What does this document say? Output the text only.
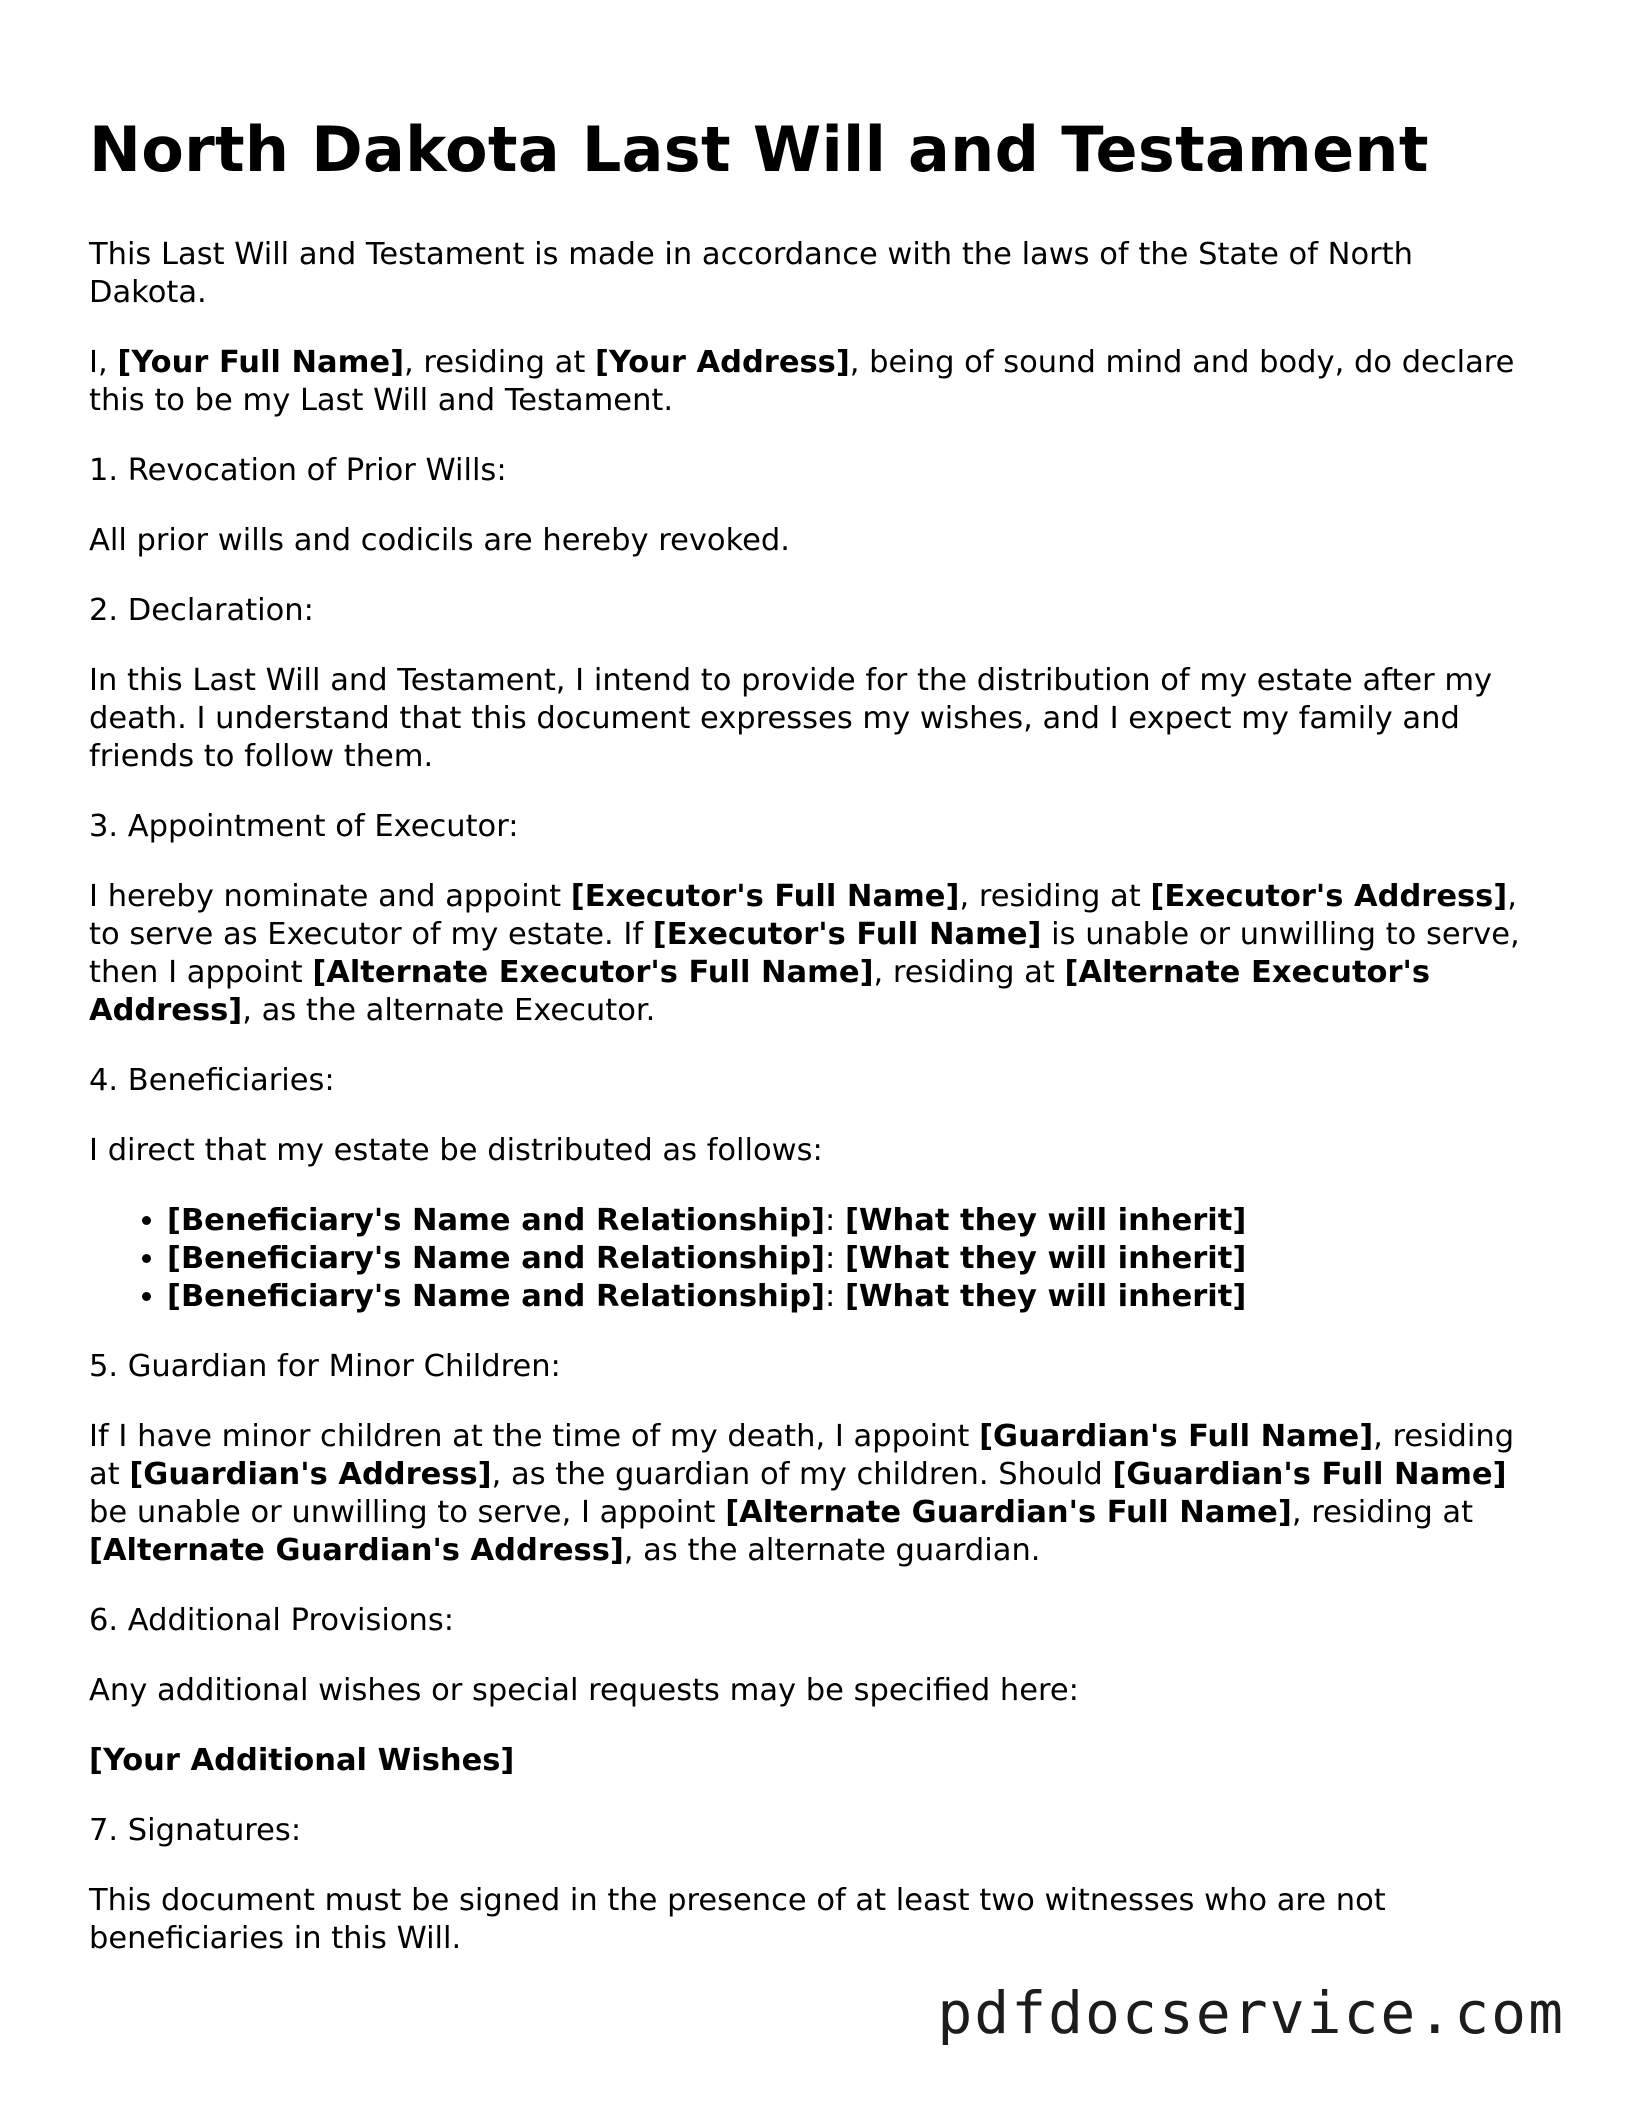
North Dakota Last Will and Testament

This Last Will and Testament is made in accordance with the laws of the State of North Dakota.

I, [Your Full Name], residing at [Your Address], being of sound mind and body, do declare this to be my Last Will and Testament.

1. Revocation of Prior Wills:

All prior wills and codicils are hereby revoked.

2. Declaration:

In this Last Will and Testament, I intend to provide for the distribution of my estate after my death. I understand that this document expresses my wishes, and I expect my family and friends to follow them.

3. Appointment of Executor:

I hereby nominate and appoint [Executor's Full Name], residing at [Executor's Address], to serve as Executor of my estate. If [Executor's Full Name] is unable or unwilling to serve, then I appoint [Alternate Executor's Full Name], residing at [Alternate Executor's Address], as the alternate Executor.

4. Beneficiaries:

I direct that my estate be distributed as follows:

• [Beneficiary's Name and Relationship]: [What they will inherit]
• [Beneficiary's Name and Relationship]: [What they will inherit]
• [Beneficiary's Name and Relationship]: [What they will inherit]

5. Guardian for Minor Children:

If I have minor children at the time of my death, I appoint [Guardian's Full Name], residing at [Guardian's Address], as the guardian of my children. Should [Guardian's Full Name] be unable or unwilling to serve, I appoint [Alternate Guardian's Full Name], residing at [Alternate Guardian's Address], as the alternate guardian.

6. Additional Provisions:

Any additional wishes or special requests may be specified here:

[Your Additional Wishes]

7. Signatures:

This document must be signed in the presence of at least two witnesses who are not beneficiaries in this Will.

pdfdocservice.com
